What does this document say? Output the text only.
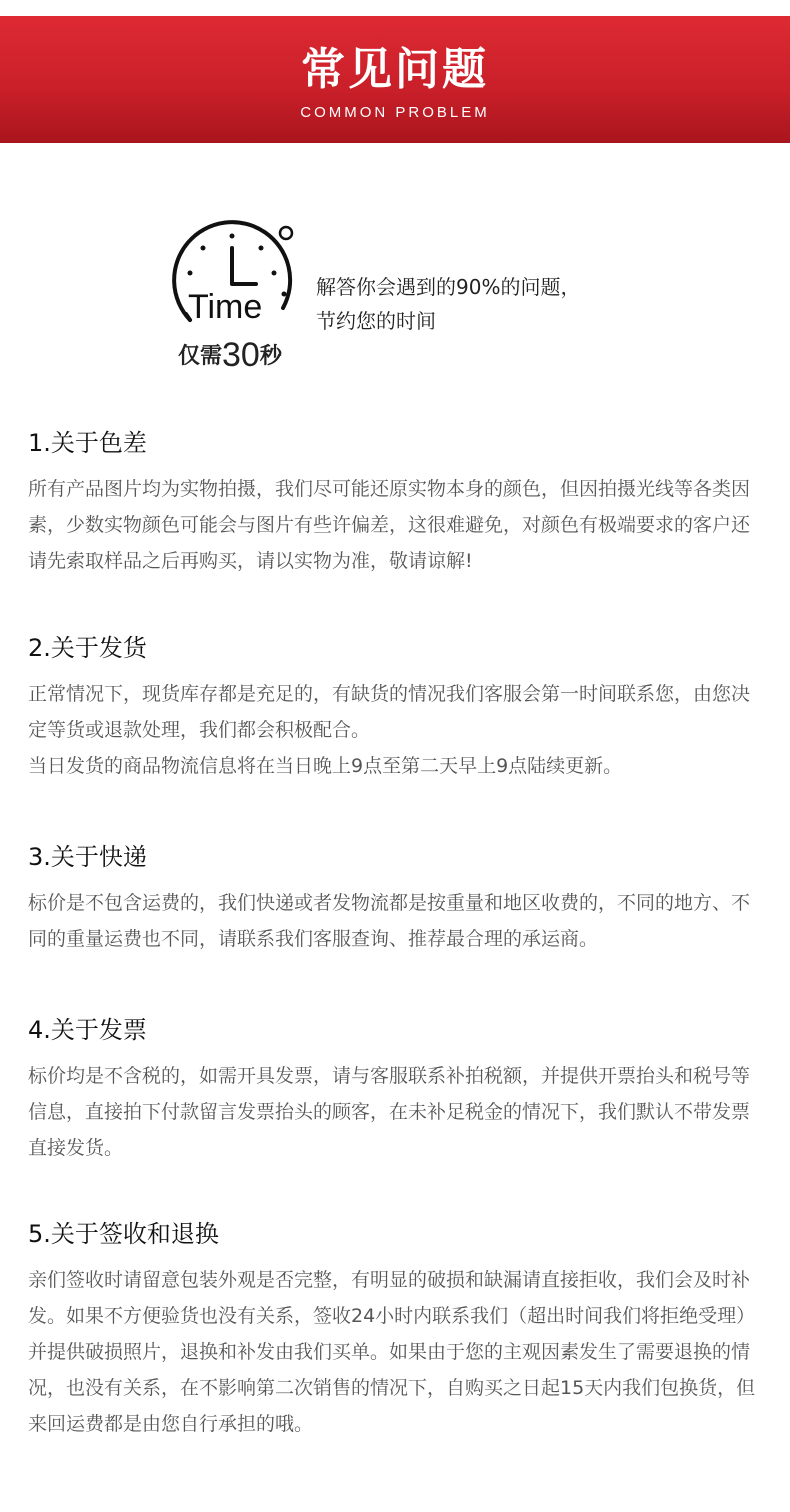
常见问题
COMMON PROBLEM
Time
仅需30秒
解答你会遇到的90%的问题，
节约您的时间
1.关于色差

所有产品图片均为实物拍摄，我们尽可能还原实物本身的颜色，但因拍摄光线等各类因素，少数实物颜色可能会与图片有些许偏差，这很难避免，对颜色有极端要求的客户还请先索取样品之后再购买，请以实物为准，敬请谅解!

2.关于发货

正常情况下，现货库存都是充足的，有缺货的情况我们客服会第一时间联系您，由您决定等货或退款处理，我们都会积极配合。

当日发货的商品物流信息将在当日晚上9点至第二天早上9点陆续更新。

3.关于快递

标价是不包含运费的，我们快递或者发物流都是按重量和地区收费的，不同的地方、不同的重量运费也不同，请联系我们客服查询、推荐最合理的承运商。

4.关于发票

标价均是不含税的，如需开具发票，请与客服联系补拍税额，并提供开票抬头和税号等信息，直接拍下付款留言发票抬头的顾客，在未补足税金的情况下，我们默认不带发票直接发货。

5.关于签收和退换

亲们签收时请留意包装外观是否完整，有明显的破损和缺漏请直接拒收，我们会及时补发。如果不方便验货也没有关系，签收24小时内联系我们（超出时间我们将拒绝受理）并提供破损照片，退换和补发由我们买单。如果由于您的主观因素发生了需要退换的情况，也没有关系，在不影响第二次销售的情况下，自购买之日起15天内我们包换货，但来回运费都是由您自行承担的哦。
